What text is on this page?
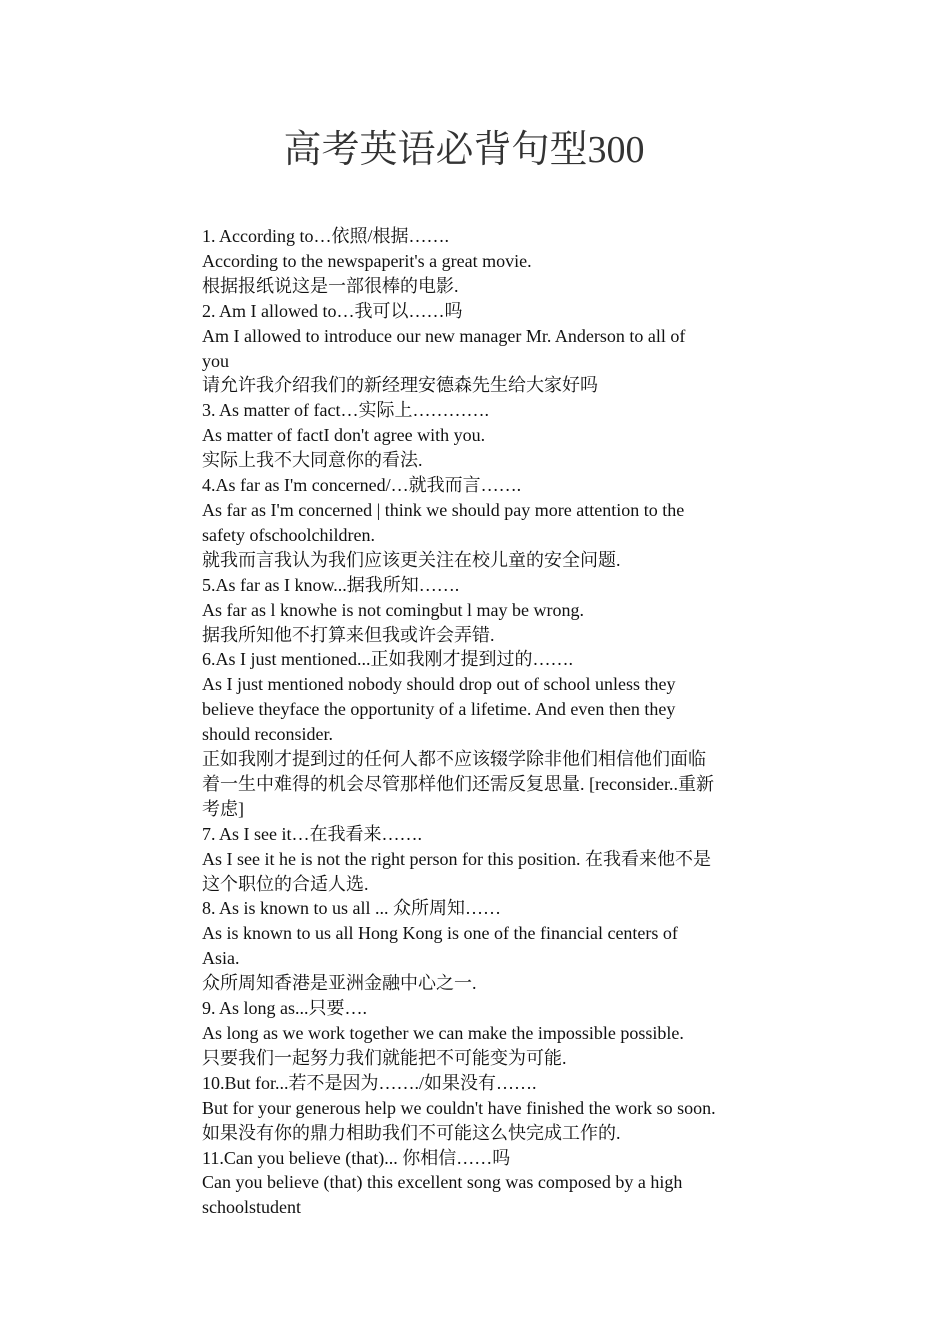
高考英语必背句型300
1. According to…依照/根据…….
According to the newspaperit's a great movie.
根据报纸说这是一部很棒的电影.
2. Am I allowed to…我可以……吗
Am I allowed to introduce our new manager Mr. Anderson to all of
you
请允许我介绍我们的新经理安德森先生给大家好吗
3. As matter of fact…实际上………….
As matter of factI don't agree with you.
实际上我不大同意你的看法.
4.As far as I'm concerned/…就我而言…….
As far as I'm concerned | think we should pay more attention to the
safety ofschoolchildren.
就我而言我认为我们应该更关注在校儿童的安全问题.
5.As far as I know...据我所知…….
As far as l knowhe is not comingbut l may be wrong.
据我所知他不打算来但我或许会弄错.
6.As I just mentioned...正如我刚才提到过的…….
As I just mentioned nobody should drop out of school unless they
believe theyface the opportunity of a lifetime. And even then they
should reconsider.
正如我刚才提到过的任何人都不应该辍学除非他们相信他们面临
着一生中难得的机会尽管那样他们还需反复思量. [reconsider..重新
考虑]
7. As I see it…在我看来…….
As I see it he is not the right person for this position. 在我看来他不是
这个职位的合适人选.
8. As is known to us all ... 众所周知……
As is known to us all Hong Kong is one of the financial centers of
Asia.
众所周知香港是亚洲金融中心之一.
9. As long as...只要….
As long as we work together we can make the impossible possible.
只要我们一起努力我们就能把不可能变为可能.
10.But for...若不是因为……./如果没有…….
But for your generous help we couldn't have finished the work so soon.
如果没有你的鼎力相助我们不可能这么快完成工作的.
11.Can you believe (that)... 你相信……吗
Can you believe (that) this excellent song was composed by a high
schoolstudent
